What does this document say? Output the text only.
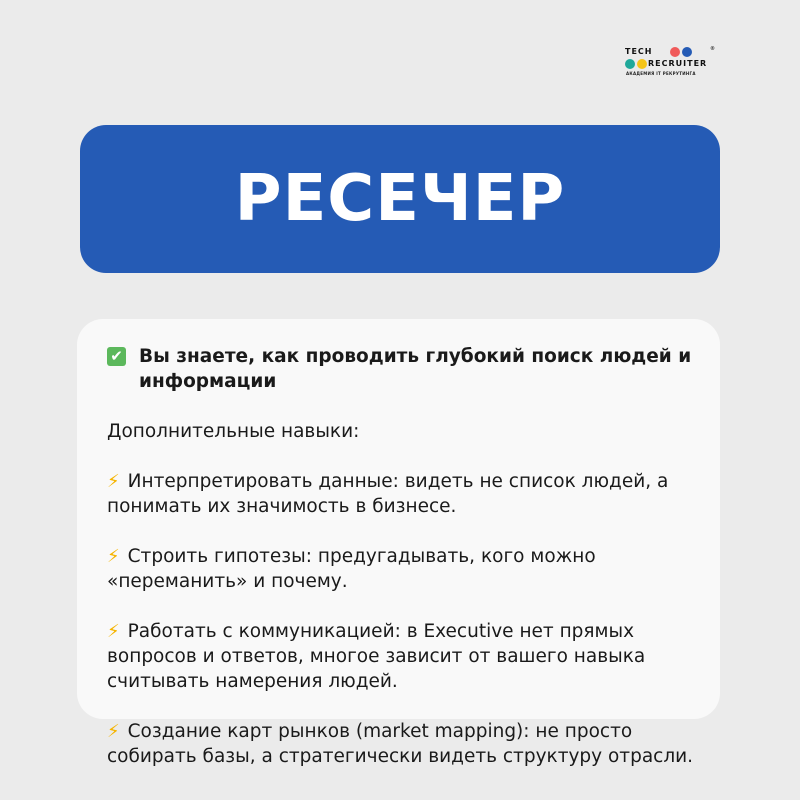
TECH
RECRUITER
АКАДЕМИЯ IT РЕКРУТИНГА
®
РЕСЕЧЕР
✔ Вы знаете, как проводить глубокий поиск людей и информации
Дополнительные навыки:

⚡ Интерпретировать данные: видеть не список людей, а понимать их значимость в бизнесе.

⚡ Строить гипотезы: предугадывать, кого можно «переманить» и почему.

⚡ Работать с коммуникацией: в Executive нет прямых вопросов и ответов, многое зависит от вашего навыка считывать намерения людей.

⚡ Создание карт рынков (market mapping): не просто собирать базы, а стратегически видеть структуру отрасли.
